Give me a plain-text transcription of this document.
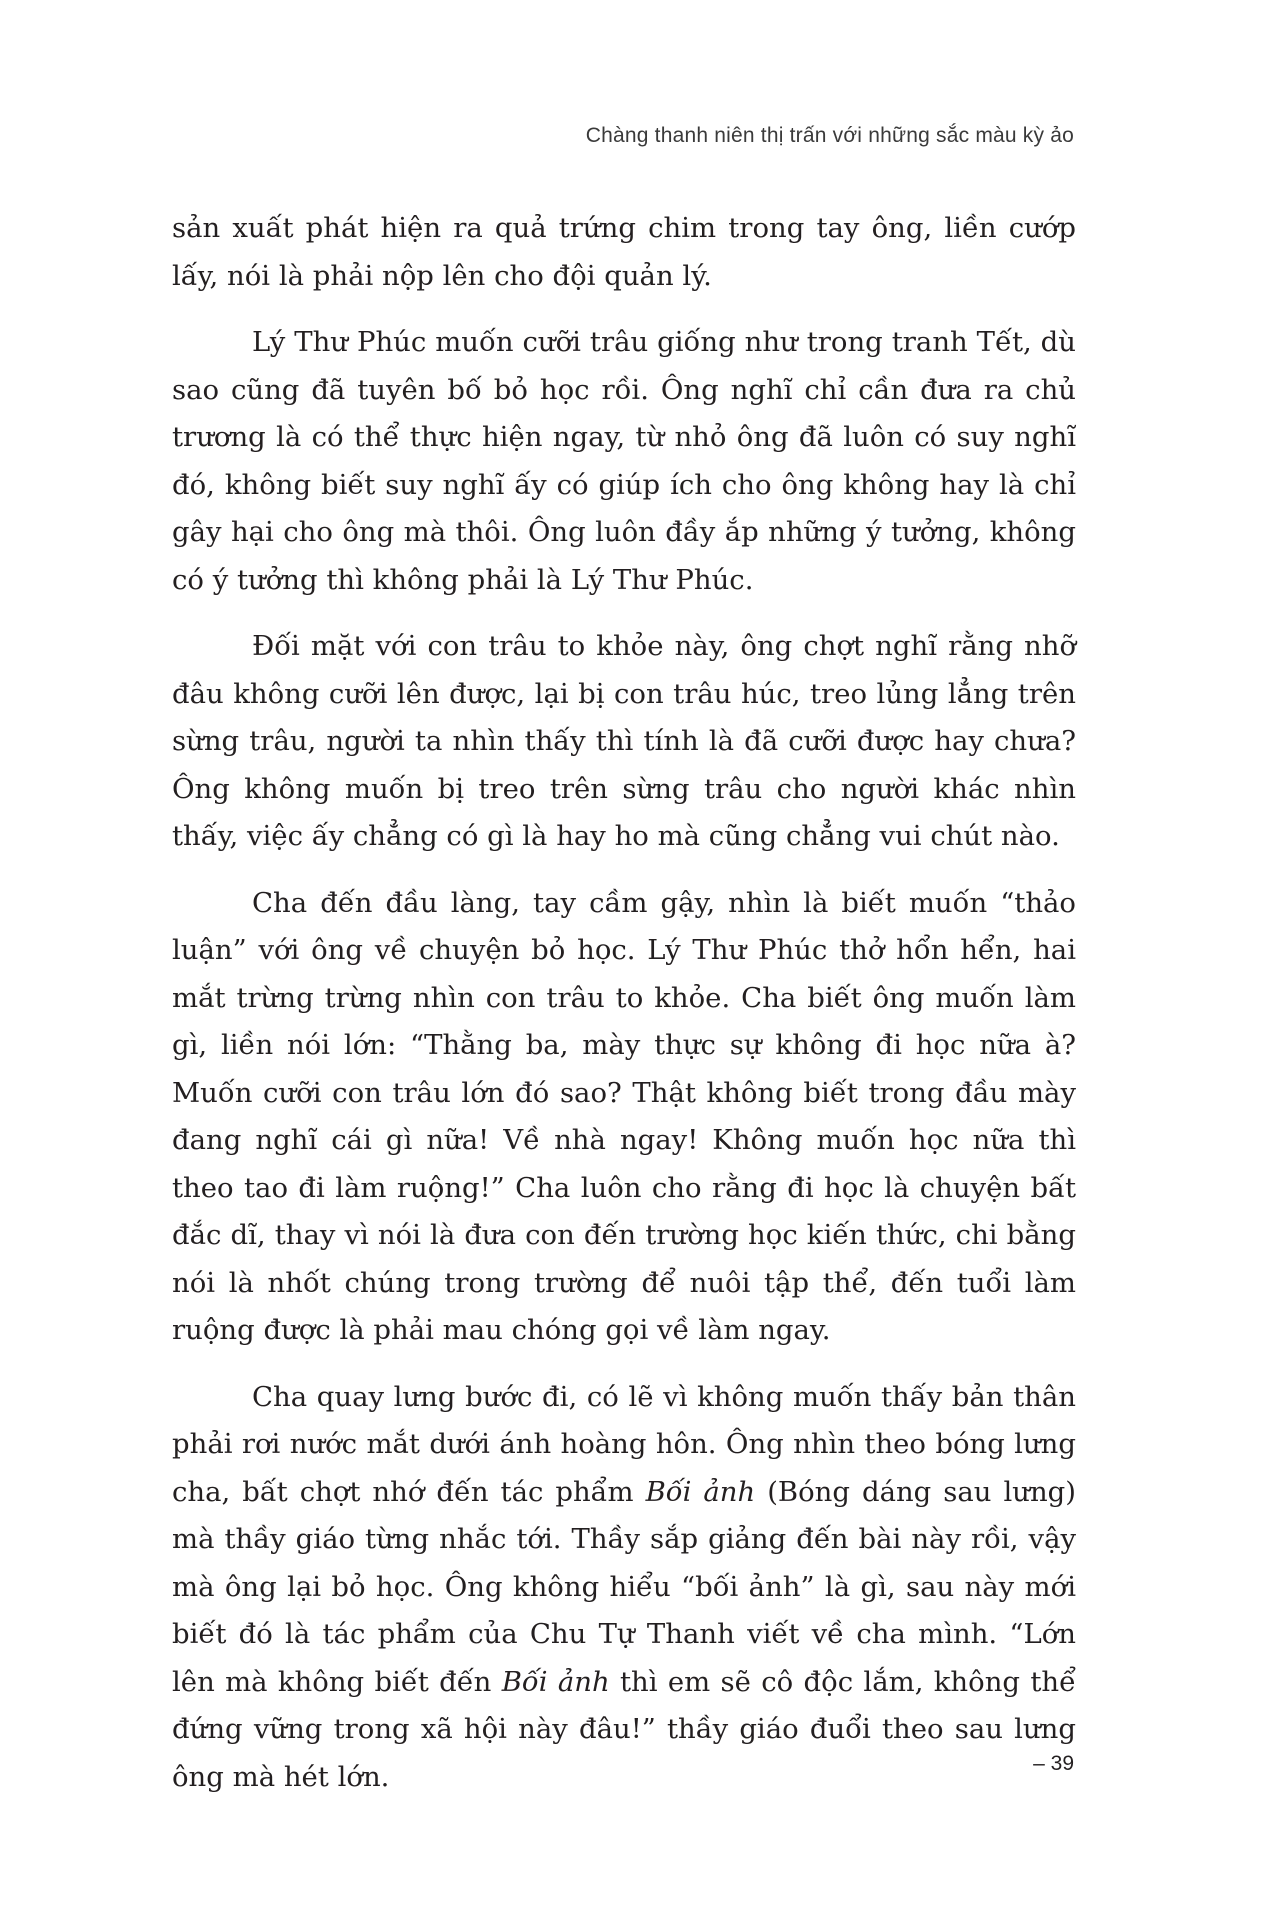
Chàng thanh niên thị trấn với những sắc màu kỳ ảo

sản xuất phát hiện ra quả trứng chim trong tay ông, liền cướp lấy, nói là phải nộp lên cho đội quản lý.

Lý Thư Phúc muốn cưỡi trâu giống như trong tranh Tết, dù sao cũng đã tuyên bố bỏ học rồi. Ông nghĩ chỉ cần đưa ra chủ trương là có thể thực hiện ngay, từ nhỏ ông đã luôn có suy nghĩ đó, không biết suy nghĩ ấy có giúp ích cho ông không hay là chỉ gây hại cho ông mà thôi. Ông luôn đầy ắp những ý tưởng, không có ý tưởng thì không phải là Lý Thư Phúc.

Đối mặt với con trâu to khỏe này, ông chợt nghĩ rằng nhỡ đâu không cưỡi lên được, lại bị con trâu húc, treo lủng lẳng trên sừng trâu, người ta nhìn thấy thì tính là đã cưỡi được hay chưa? Ông không muốn bị treo trên sừng trâu cho người khác nhìn thấy, việc ấy chẳng có gì là hay ho mà cũng chẳng vui chút nào.

Cha đến đầu làng, tay cầm gậy, nhìn là biết muốn “thảo luận” với ông về chuyện bỏ học. Lý Thư Phúc thở hổn hển, hai mắt trừng trừng nhìn con trâu to khỏe. Cha biết ông muốn làm gì, liền nói lớn: “Thằng ba, mày thực sự không đi học nữa à? Muốn cưỡi con trâu lớn đó sao? Thật không biết trong đầu mày đang nghĩ cái gì nữa! Về nhà ngay! Không muốn học nữa thì theo tao đi làm ruộng!” Cha luôn cho rằng đi học là chuyện bất đắc dĩ, thay vì nói là đưa con đến trường học kiến thức, chi bằng nói là nhốt chúng trong trường để nuôi tập thể, đến tuổi làm ruộng được là phải mau chóng gọi về làm ngay.

Cha quay lưng bước đi, có lẽ vì không muốn thấy bản thân phải rơi nước mắt dưới ánh hoàng hôn. Ông nhìn theo bóng lưng cha, bất chợt nhớ đến tác phẩm Bối ảnh (Bóng dáng sau lưng) mà thầy giáo từng nhắc tới. Thầy sắp giảng đến bài này rồi, vậy mà ông lại bỏ học. Ông không hiểu “bối ảnh” là gì, sau này mới biết đó là tác phẩm của Chu Tự Thanh viết về cha mình. “Lớn lên mà không biết đến Bối ảnh thì em sẽ cô độc lắm, không thể đứng vững trong xã hội này đâu!” thầy giáo đuổi theo sau lưng ông mà hét lớn.	– 39
